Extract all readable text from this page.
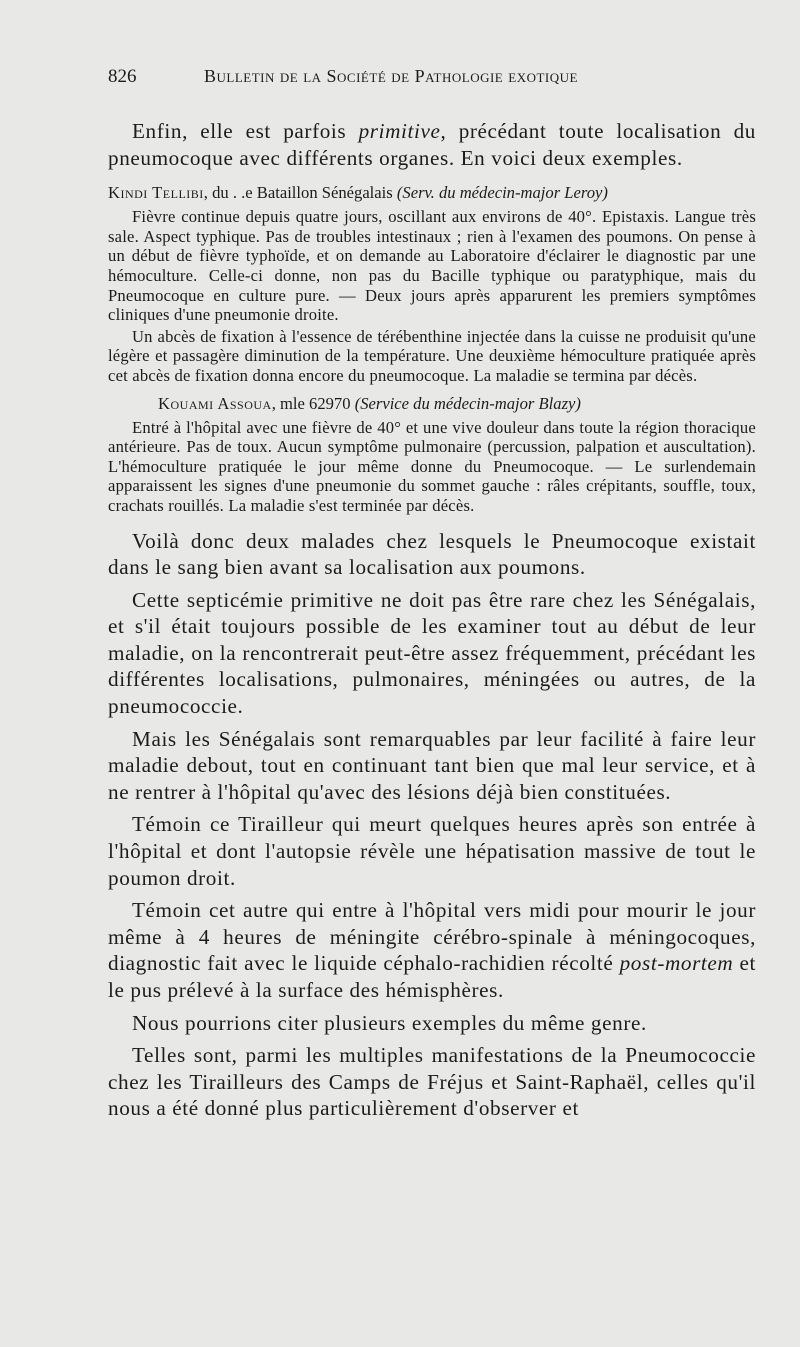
826	Bulletin de la Société de Pathologie exotique

Enfin, elle est parfois primitive, précédant toute localisation du pneumocoque avec différents organes. En voici deux exemples.

Kindi Tellibi, du . .e Bataillon Sénégalais (Serv. du médecin-major Leroy)

Fièvre continue depuis quatre jours, oscillant aux environs de 40°. Epistaxis. Langue très sale. Aspect typhique. Pas de troubles intestinaux ; rien à l'examen des poumons. On pense à un début de fièvre typhoïde, et on demande au Laboratoire d'éclairer le diagnostic par une hémoculture. Celle-ci donne, non pas du Bacille typhique ou paratyphique, mais du Pneumocoque en culture pure. — Deux jours après apparurent les premiers symptômes cliniques d'une pneumonie droite.

Un abcès de fixation à l'essence de térébenthine injectée dans la cuisse ne produisit qu'une légère et passagère diminution de la température. Une deuxième hémoculture pratiquée après cet abcès de fixation donna encore du pneumocoque. La maladie se termina par décès.

Kouami Assoua, mle 62970 (Service du médecin-major Blazy)

Entré à l'hôpital avec une fièvre de 40° et une vive douleur dans toute la région thoracique antérieure. Pas de toux. Aucun symptôme pulmonaire (percussion, palpation et auscultation). L'hémoculture pratiquée le jour même donne du Pneumocoque. — Le surlendemain apparaissent les signes d'une pneumonie du sommet gauche : râles crépitants, souffle, toux, crachats rouillés. La maladie s'est terminée par décès.

Voilà donc deux malades chez lesquels le Pneumocoque existait dans le sang bien avant sa localisation aux poumons.

Cette septicémie primitive ne doit pas être rare chez les Sénégalais, et s'il était toujours possible de les examiner tout au début de leur maladie, on la rencontrerait peut-être assez fréquemment, précédant les différentes localisations, pulmonaires, méningées ou autres, de la pneumococcie.

Mais les Sénégalais sont remarquables par leur facilité à faire leur maladie debout, tout en continuant tant bien que mal leur service, et à ne rentrer à l'hôpital qu'avec des lésions déjà bien constituées.

Témoin ce Tirailleur qui meurt quelques heures après son entrée à l'hôpital et dont l'autopsie révèle une hépatisation massive de tout le poumon droit.

Témoin cet autre qui entre à l'hôpital vers midi pour mourir le jour même à 4 heures de méningite cérébro-spinale à méningocoques, diagnostic fait avec le liquide céphalo-rachidien récolté post-mortem et le pus prélevé à la surface des hémisphères.

Nous pourrions citer plusieurs exemples du même genre.

Telles sont, parmi les multiples manifestations de la Pneumococcie chez les Tirailleurs des Camps de Fréjus et Saint-Raphaël, celles qu'il nous a été donné plus particulièrement d'observer et
